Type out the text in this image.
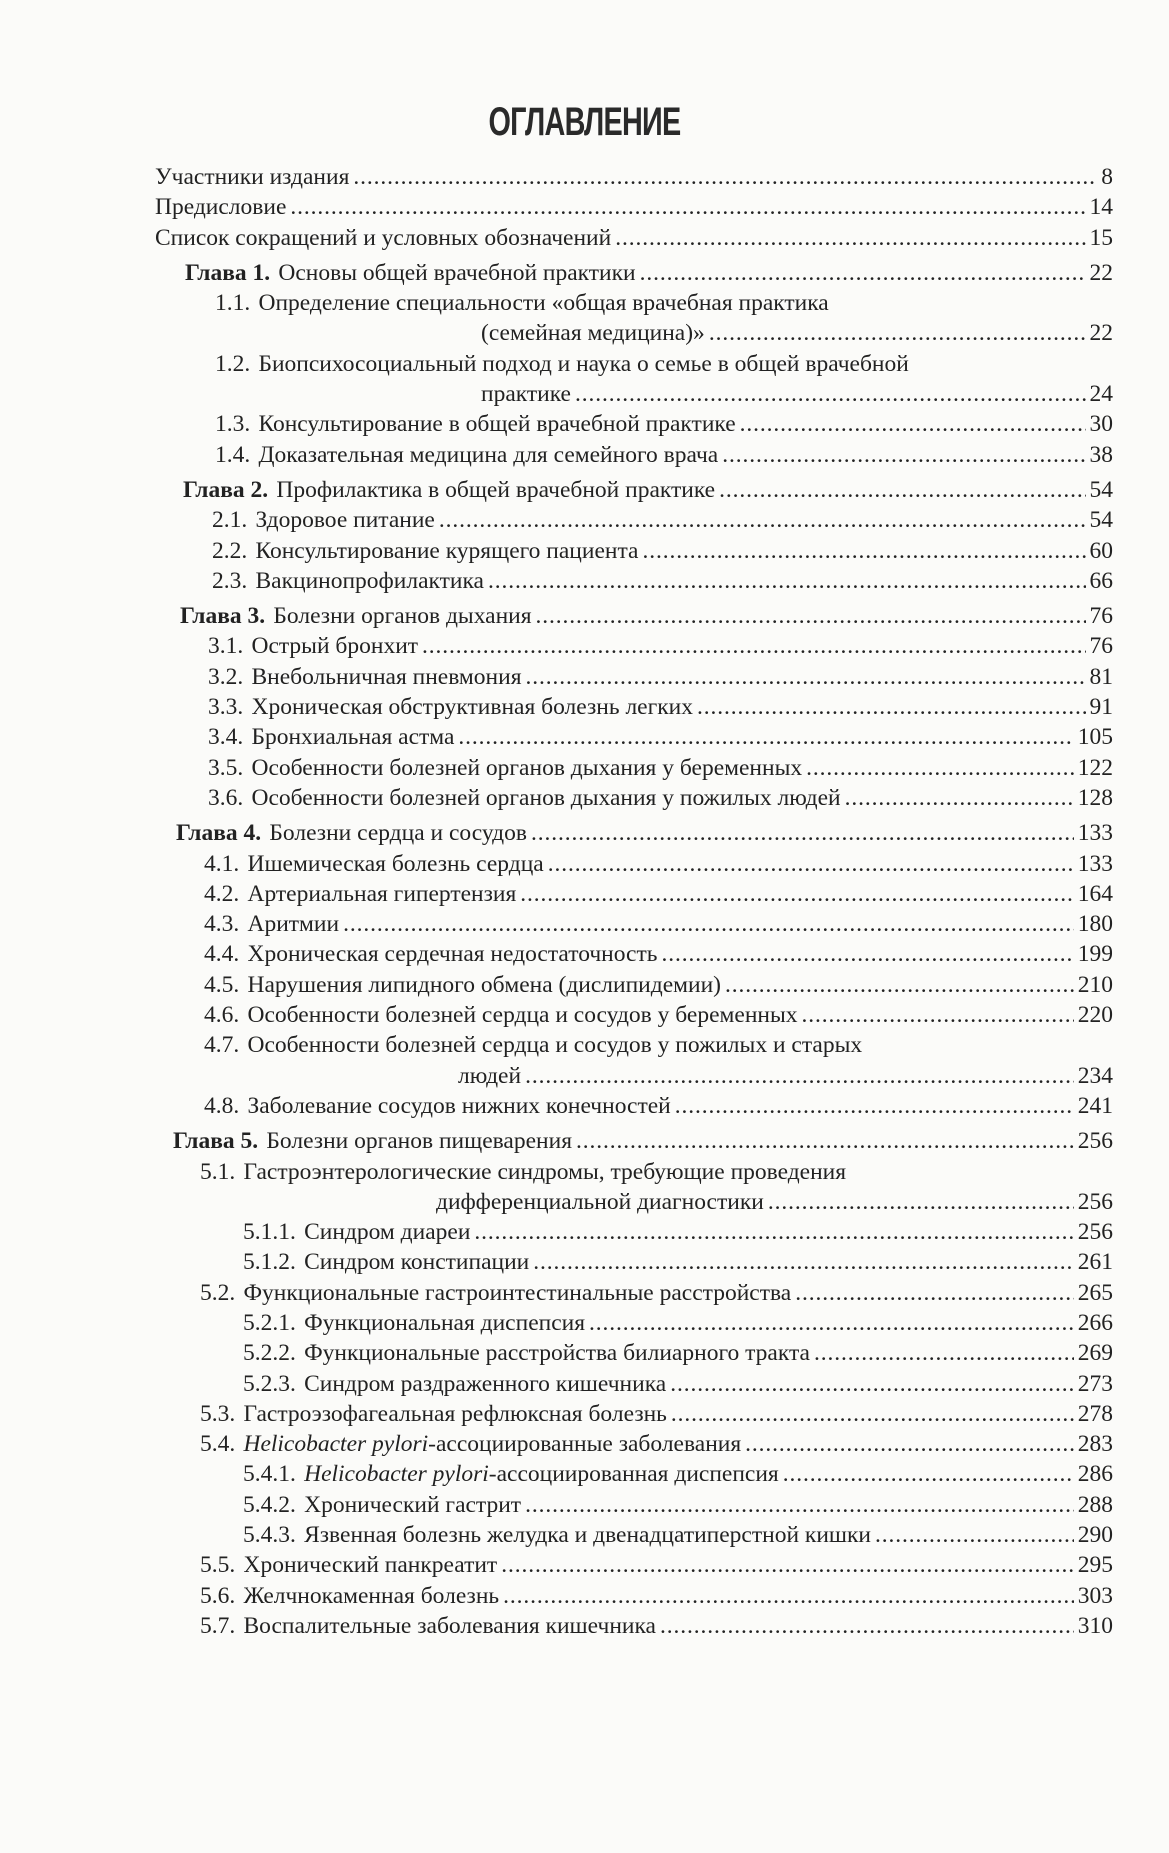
ОГЛАВЛЕНИЕ
Участники издания . . .	8
Предисловие . . .	14
Список сокращений и условных обозначений . . .	15
Глава 1. Основы общей врачебной практики . . .	22
1.1. Определение специальности «общая врачебная практика
(семейная медицина)» . . .	22
1.2. Биопсихосоциальный подход и наука о семье в общей врачебной
практике . . .	24
1.3. Консультирование в общей врачебной практике . . .	30
1.4. Доказательная медицина для семейного врача . . .	38
Глава 2. Профилактика в общей врачебной практике . . .	54
2.1. Здоровое питание . . .	54
2.2. Консультирование курящего пациента . . .	60
2.3. Вакцинопрофилактика . . .	66
Глава 3. Болезни органов дыхания . . .	76
3.1. Острый бронхит . . .	76
3.2. Внебольничная пневмония . . .	81
3.3. Хроническая обструктивная болезнь легких . . .	91
3.4. Бронхиальная астма . . .	105
3.5. Особенности болезней органов дыхания у беременных . . .	122
3.6. Особенности болезней органов дыхания у пожилых людей . . .	128
Глава 4. Болезни сердца и сосудов . . .	133
4.1. Ишемическая болезнь сердца . . .	133
4.2. Артериальная гипертензия . . .	164
4.3. Аритмии . . .	180
4.4. Хроническая сердечная недостаточность . . .	199
4.5. Нарушения липидного обмена (дислипидемии) . . .	210
4.6. Особенности болезней сердца и сосудов у беременных . . .	220
4.7. Особенности болезней сердца и сосудов у пожилых и старых
людей . . .	234
4.8. Заболевание сосудов нижних конечностей . . .	241
Глава 5. Болезни органов пищеварения . . .	256
5.1. Гастроэнтерологические синдромы, требующие проведения
дифференциальной диагностики . . .	256
5.1.1. Синдром диареи . . .	256
5.1.2. Синдром констипации . . .	261
5.2. Функциональные гастроинтестинальные расстройства . . .	265
5.2.1. Функциональная диспепсия . . .	266
5.2.2. Функциональные расстройства билиарного тракта . . .	269
5.2.3. Синдром раздраженного кишечника . . .	273
5.3. Гастроэзофагеальная рефлюксная болезнь . . .	278
5.4. Helicobacter pylori-ассоциированные заболевания . . .	283
5.4.1. Helicobacter pylori-ассоциированная диспепсия . . .	286
5.4.2. Хронический гастрит . . .	288
5.4.3. Язвенная болезнь желудка и двенадцатиперстной кишки . . .	290
5.5. Хронический панкреатит . . .	295
5.6. Желчнокаменная болезнь . . .	303
5.7. Воспалительные заболевания кишечника . . .	310
